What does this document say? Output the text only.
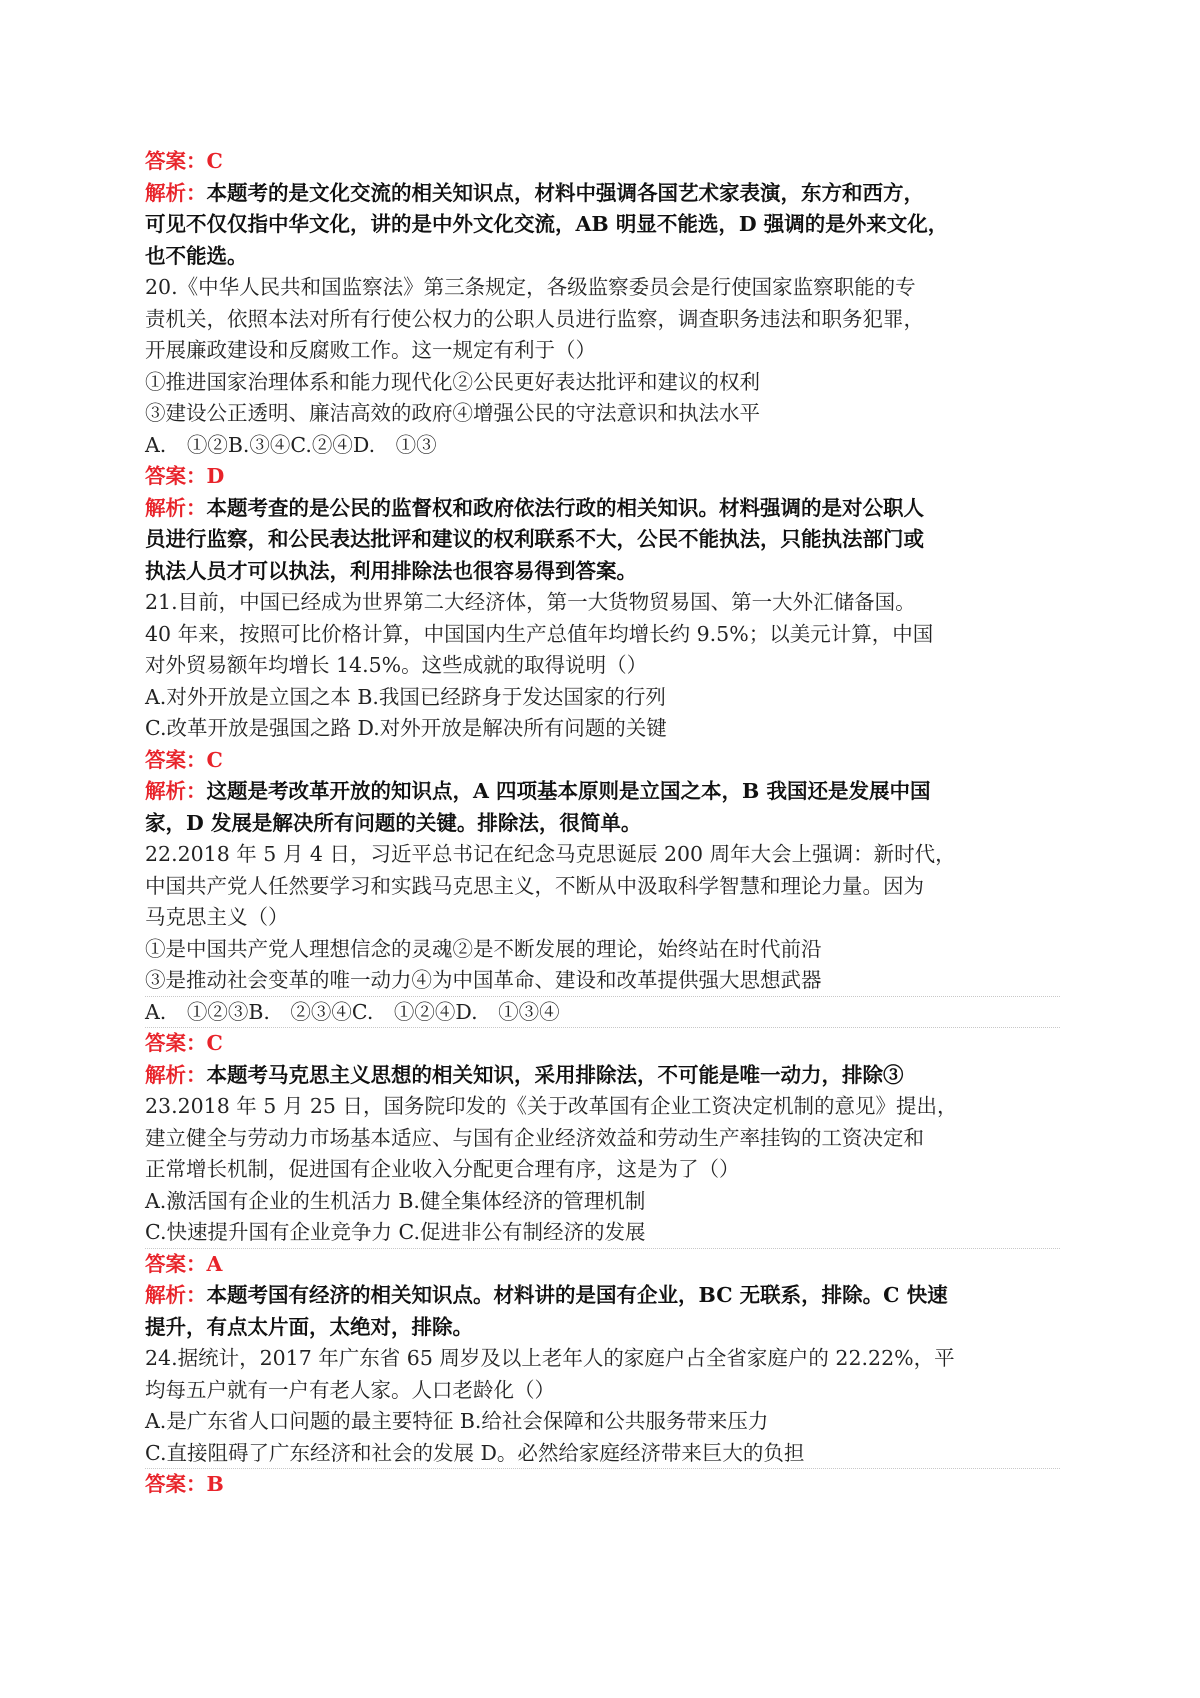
答案：C
解析：本题考的是文化交流的相关知识点，材料中强调各国艺术家表演，东方和西方，
可见不仅仅指中华文化，讲的是中外文化交流，AB 明显不能选，D 强调的是外来文化，
也不能选。
20.《中华人民共和国监察法》第三条规定，各级监察委员会是行使国家监察职能的专
责机关，依照本法对所有行使公权力的公职人员进行监察，调查职务违法和职务犯罪，
开展廉政建设和反腐败工作。这一规定有利于（）
①推进国家治理体系和能力现代化②公民更好表达批评和建议的权利
③建设公正透明、廉洁高效的政府④增强公民的守法意识和执法水平
A.　①②B.③④C.②④D.　①③
答案：D
解析：本题考查的是公民的监督权和政府依法行政的相关知识。材料强调的是对公职人
员进行监察，和公民表达批评和建议的权利联系不大，公民不能执法，只能执法部门或
执法人员才可以执法，利用排除法也很容易得到答案。
21.目前，中国已经成为世界第二大经济体，第一大货物贸易国、第一大外汇储备国。
40 年来，按照可比价格计算，中国国内生产总值年均增长约 9.5%；以美元计算，中国
对外贸易额年均增长 14.5%。这些成就的取得说明（）
A.对外开放是立国之本 B.我国已经跻身于发达国家的行列
C.改革开放是强国之路 D.对外开放是解决所有问题的关键
答案：C
解析：这题是考改革开放的知识点，A 四项基本原则是立国之本，B 我国还是发展中国
家，D 发展是解决所有问题的关键。排除法，很简单。
22.2018 年 5 月 4 日，习近平总书记在纪念马克思诞辰 200 周年大会上强调：新时代，
中国共产党人任然要学习和实践马克思主义，不断从中汲取科学智慧和理论力量。因为
马克思主义（）
①是中国共产党人理想信念的灵魂②是不断发展的理论，始终站在时代前沿
③是推动社会变革的唯一动力④为中国革命、建设和改革提供强大思想武器
A.　①②③B.　②③④C.　①②④D.　①③④
答案：C
解析：本题考马克思主义思想的相关知识，采用排除法，不可能是唯一动力，排除③
23.2018 年 5 月 25 日，国务院印发的《关于改革国有企业工资决定机制的意见》提出，
建立健全与劳动力市场基本适应、与国有企业经济效益和劳动生产率挂钩的工资决定和
正常增长机制，促进国有企业收入分配更合理有序，这是为了（）
A.激活国有企业的生机活力 B.健全集体经济的管理机制
C.快速提升国有企业竞争力 C.促进非公有制经济的发展
答案：A
解析：本题考国有经济的相关知识点。材料讲的是国有企业，BC 无联系，排除。C 快速
提升，有点太片面，太绝对，排除。
24.据统计，2017 年广东省 65 周岁及以上老年人的家庭户占全省家庭户的 22.22%，平
均每五户就有一户有老人家。人口老龄化（）
A.是广东省人口问题的最主要特征 B.给社会保障和公共服务带来压力
C.直接阻碍了广东经济和社会的发展 D。必然给家庭经济带来巨大的负担
答案：B
